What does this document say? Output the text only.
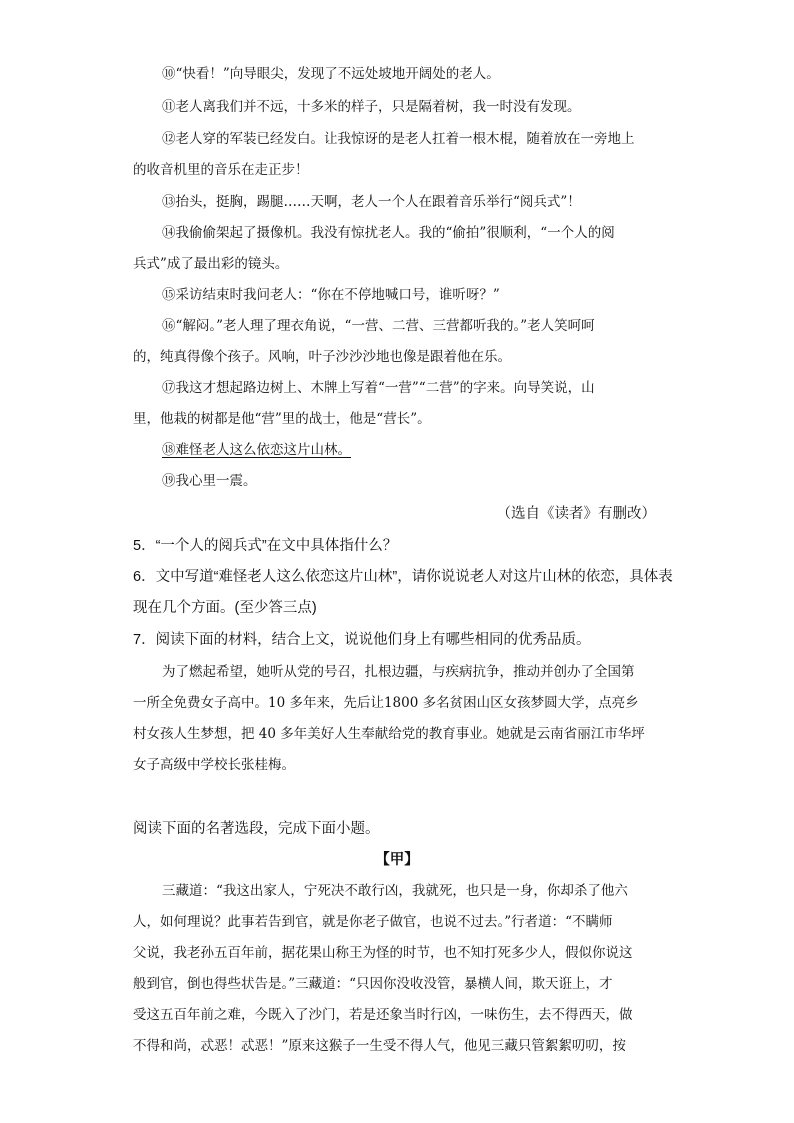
⑩“快看！”向导眼尖，发现了不远处坡地开阔处的老人。
⑪老人离我们并不远，十多米的样子，只是隔着树，我一时没有发现。
⑫老人穿的军装已经发白。让我惊讶的是老人扛着一根木棍，随着放在一旁地上
的收音机里的音乐在走正步！
⑬抬头，挺胸，踢腿……天啊，老人一个人在跟着音乐举行“阅兵式”！
⑭我偷偷架起了摄像机。我没有惊扰老人。我的“偷拍”很顺利，“一个人的阅
兵式”成了最出彩的镜头。
⑮采访结束时我问老人：“你在不停地喊口号，谁听呀？”
⑯“解闷。”老人理了理衣角说，“一营、二营、三营都听我的。”老人笑呵呵
的，纯真得像个孩子。风响，叶子沙沙沙地也像是跟着他在乐。
⑰我这才想起路边树上、木牌上写着“一营”“二营”的字来。向导笑说，山
里，他栽的树都是他“营”里的战士，他是“营长”。
⑱难怪老人这么依恋这片山林。
⑲我心里一震。
（选自《读者》有删改）
5．“一个人的阅兵式”在文中具体指什么？
6．文中写道“难怪老人这么依恋这片山林”，请你说说老人对这片山林的依恋，具体表
现在几个方面。(至少答三点)
7．阅读下面的材料，结合上文，说说他们身上有哪些相同的优秀品质。
为了燃起希望，她听从党的号召，扎根边疆，与疾病抗争，推动并创办了全国第
一所全免费女子高中。10 多年来，先后让1800 多名贫困山区女孩梦圆大学，点亮乡
村女孩人生梦想，把 40 多年美好人生奉献给党的教育事业。她就是云南省丽江市华坪
女子高级中学校长张桂梅。
阅读下面的名著选段，完成下面小题。
【甲】
三藏道：“我这出家人，宁死决不敢行凶，我就死，也只是一身，你却杀了他六
人，如何理说？此事若告到官，就是你老子做官，也说不过去。”行者道：“不瞒师
父说，我老孙五百年前，据花果山称王为怪的时节，也不知打死多少人，假似你说这
般到官，倒也得些状告是。”三藏道：“只因你没收没管，暴横人间，欺天诳上，才
受这五百年前之难，今既入了沙门，若是还象当时行凶，一味伤生，去不得西天，做
不得和尚，忒恶！忒恶！”原来这猴子一生受不得人气，他见三藏只管絮絮叨叨，按
